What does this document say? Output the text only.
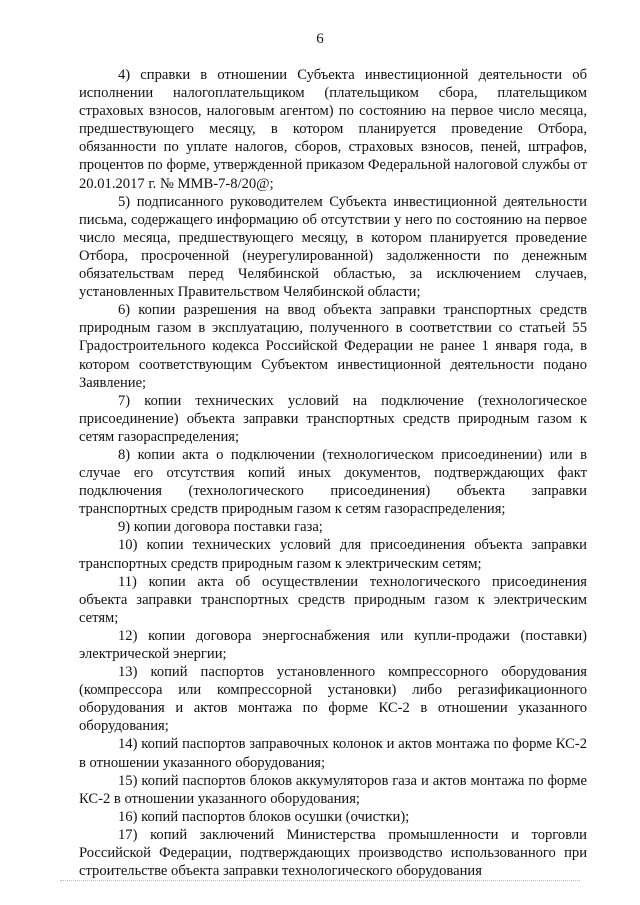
6

4) справки в отношении Субъекта инвестиционной деятельности об исполнении налогоплательщиком (плательщиком сбора, плательщиком страховых взносов, налоговым агентом) по состоянию на первое число месяца, предшествующего месяцу, в котором планируется проведение Отбора, обязанности по уплате налогов, сборов, страховых взносов, пеней, штрафов, процентов по форме, утвержденной приказом Федеральной налоговой службы от 20.01.2017 г. № ММВ-7-8/20@;

5) подписанного руководителем Субъекта инвестиционной деятельности письма, содержащего информацию об отсутствии у него по состоянию на первое число месяца, предшествующего месяцу, в котором планируется проведение Отбора, просроченной (неурегулированной) задолженности по денежным обязательствам перед Челябинской областью, за исключением случаев, установленных Правительством Челябинской области;

6) копии разрешения на ввод объекта заправки транспортных средств природным газом в эксплуатацию, полученного в соответствии со статьей 55 Градостроительного кодекса Российской Федерации не ранее 1 января года, в котором соответствующим Субъектом инвестиционной деятельности подано Заявление;

7) копии технических условий на подключение (технологическое присоединение) объекта заправки транспортных средств природным газом к сетям газораспределения;

8) копии акта о подключении (технологическом присоединении) или в случае его отсутствия копий иных документов, подтверждающих факт подключения (технологического присоединения) объекта заправки транспортных средств природным газом к сетям газораспределения;

9) копии договора поставки газа;

10) копии технических условий для присоединения объекта заправки транспортных средств природным газом к электрическим сетям;

11) копии акта об осуществлении технологического присоединения объекта заправки транспортных средств природным газом к электрическим сетям;

12) копии договора энергоснабжения или купли-продажи (поставки) электрической энергии;

13) копий паспортов установленного компрессорного оборудования (компрессора или компрессорной установки) либо регазификационного оборудования и актов монтажа по форме КС-2 в отношении указанного оборудования;

14) копий паспортов заправочных колонок и актов монтажа по форме КС-2 в отношении указанного оборудования;

15) копий паспортов блоков аккумуляторов газа и актов монтажа по форме КС-2 в отношении указанного оборудования;

16) копий паспортов блоков осушки (очистки);

17) копий заключений Министерства промышленности и торговли Российской Федерации, подтверждающих производство использованного при строительстве объекта заправки технологического оборудования
